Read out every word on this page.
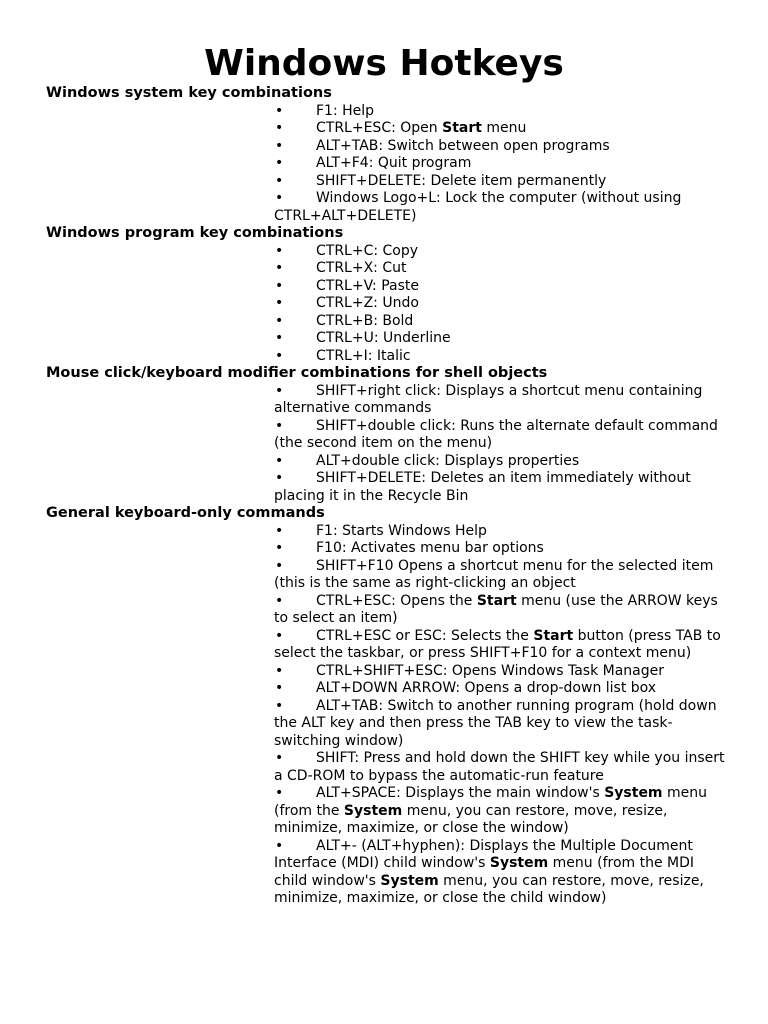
Windows Hotkeys
Windows system key combinations
• F1: Help
• CTRL+ESC: Open Start menu
• ALT+TAB: Switch between open programs
• ALT+F4: Quit program
• SHIFT+DELETE: Delete item permanently
• Windows Logo+L: Lock the computer (without using CTRL+ALT+DELETE)
Windows program key combinations
• CTRL+C: Copy
• CTRL+X: Cut
• CTRL+V: Paste
• CTRL+Z: Undo
• CTRL+B: Bold
• CTRL+U: Underline
• CTRL+I: Italic
Mouse click/keyboard modifier combinations for shell objects
• SHIFT+right click: Displays a shortcut menu containing alternative commands
• SHIFT+double click: Runs the alternate default command (the second item on the menu)
• ALT+double click: Displays properties
• SHIFT+DELETE: Deletes an item immediately without placing it in the Recycle Bin
General keyboard-only commands
• F1: Starts Windows Help
• F10: Activates menu bar options
• SHIFT+F10 Opens a shortcut menu for the selected item (this is the same as right-clicking an object
• CTRL+ESC: Opens the Start menu (use the ARROW keys to select an item)
• CTRL+ESC or ESC: Selects the Start button (press TAB to select the taskbar, or press SHIFT+F10 for a context menu)
• CTRL+SHIFT+ESC: Opens Windows Task Manager
• ALT+DOWN ARROW: Opens a drop-down list box
• ALT+TAB: Switch to another running program (hold down the ALT key and then press the TAB key to view the task-switching window)
• SHIFT: Press and hold down the SHIFT key while you insert a CD-ROM to bypass the automatic-run feature
• ALT+SPACE: Displays the main window's System menu  (from the System menu, you can restore, move, resize, minimize, maximize, or close the window)
• ALT+- (ALT+hyphen): Displays the Multiple Document Interface (MDI) child window's System menu (from the MDI child window's System menu, you can restore, move, resize, minimize, maximize, or close the child window)
